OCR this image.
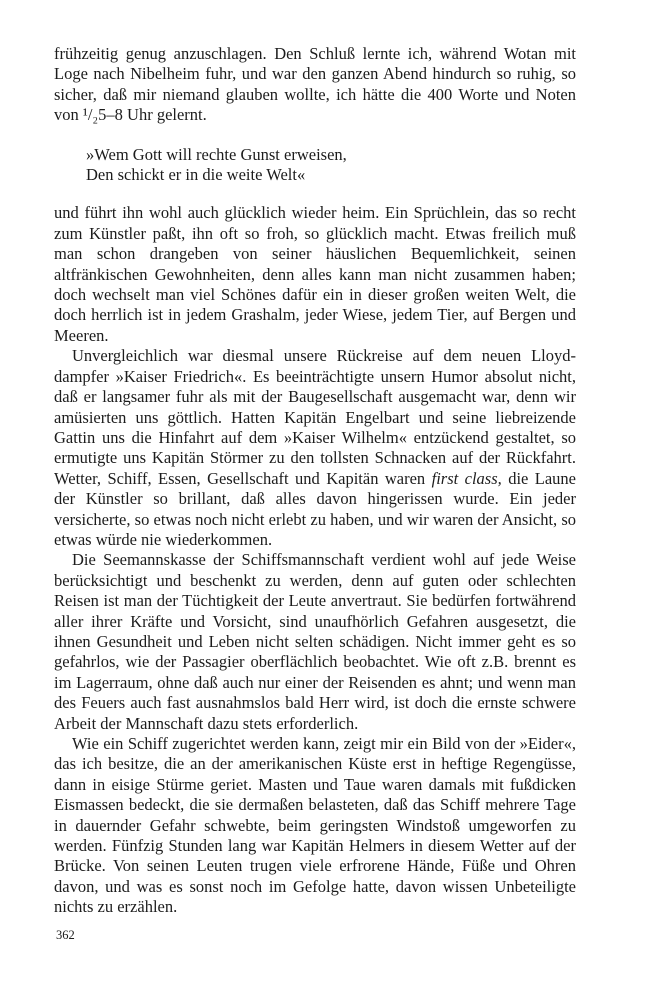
frühzeitig genug anzuschlagen. Den Schluß lernte ich, während Wotan mit Loge nach Nibelheim fuhr, und war den ganzen Abend hindurch so ruhig, so sicher, daß mir niemand glauben wollte, ich hätte die 400 Worte und Noten von ¹/₂5–8 Uhr gelernt.

»Wem Gott will rechte Gunst erweisen,
Den schickt er in die weite Welt«

und führt ihn wohl auch glücklich wieder heim. Ein Sprüchlein, das so recht zum Künstler paßt, ihn oft so froh, so glücklich macht. Etwas freilich muß man schon drangeben von seiner häuslichen Bequemlichkeit, seinen altfränkischen Gewohnheiten, denn alles kann man nicht zusammen haben; doch wechselt man viel Schönes dafür ein in dieser großen weiten Welt, die doch herrlich ist in jedem Grashalm, jeder Wiese, jedem Tier, auf Bergen und Meeren.

Unvergleichlich war diesmal unsere Rückreise auf dem neuen Lloyddampfer »Kaiser Friedrich«. Es beeinträchtigte unsern Humor absolut nicht, daß er langsamer fuhr als mit der Baugesellschaft ausgemacht war, denn wir amüsierten uns göttlich. Hatten Kapitän Engelbart und seine liebreizende Gattin uns die Hinfahrt auf dem »Kaiser Wilhelm« entzückend gestaltet, so ermutigte uns Kapitän Störmer zu den tollsten Schnacken auf der Rückfahrt. Wetter, Schiff, Essen, Gesellschaft und Kapitän waren first class, die Laune der Künstler so brillant, daß alles davon hingerissen wurde. Ein jeder versicherte, so etwas noch nicht erlebt zu haben, und wir waren der Ansicht, so etwas würde nie wiederkommen.

Die Seemannskasse der Schiffsmannschaft verdient wohl auf jede Weise berücksichtigt und beschenkt zu werden, denn auf guten oder schlechten Reisen ist man der Tüchtigkeit der Leute anvertraut. Sie bedürfen fortwährend aller ihrer Kräfte und Vorsicht, sind unaufhörlich Gefahren ausgesetzt, die ihnen Gesundheit und Leben nicht selten schädigen. Nicht immer geht es so gefahrlos, wie der Passagier oberflächlich beobachtet. Wie oft z.B. brennt es im Lagerraum, ohne daß auch nur einer der Reisenden es ahnt; und wenn man des Feuers auch fast ausnahmslos bald Herr wird, ist doch die ernste schwere Arbeit der Mannschaft dazu stets erforderlich.

Wie ein Schiff zugerichtet werden kann, zeigt mir ein Bild von der »Eider«, das ich besitze, die an der amerikanischen Küste erst in heftige Regengüsse, dann in eisige Stürme geriet. Masten und Taue waren damals mit fußdicken Eismassen bedeckt, die sie dermaßen belasteten, daß das Schiff mehrere Tage in dauernder Gefahr schwebte, beim geringsten Windstoß umgeworfen zu werden. Fünfzig Stunden lang war Kapitän Helmers in diesem Wetter auf der Brücke. Von seinen Leuten trugen viele erfrorene Hände, Füße und Ohren davon, und was es sonst noch im Gefolge hatte, davon wissen Unbeteiligte nichts zu erzählen.

362
